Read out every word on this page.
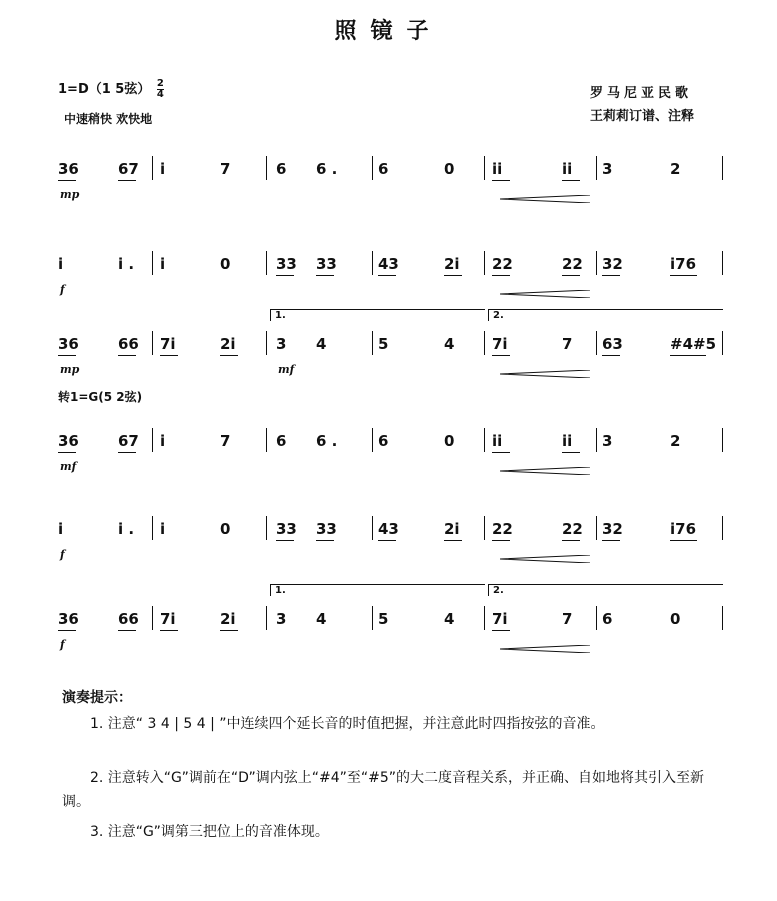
照镜子
1=D（1 5弦） $\frac{2}{4}$
中速稍快 欢快地
罗马尼亚民歌
王莉莉订谱、注释
转1=G(5 2弦)
36	67 i	7	6 6 .	6	0	ii	ii 3	2
mp
i	i . i	0	33 33	43	2i 22	22 32	i76
f
36	66 7i	2i	3 4	5	4	7i	7 63	#4#5
mp	mf
1.	2.
36	67 i	7	6 6 .	6	0	ii	ii 3	2
mf
i	i . i	0	33 33	43	2i 22	22 32	i76
f
36	66 7i	2i	3 4	5	4	7i	7 6	0
f
1.	2.
演奏提示：
1. 注意“ 3 4 | 5 4 | ”中连续四个延长音的时值把握，并注意此时四指按弦的音准。
2. 注意转入“G”调前在“D”调内弦上“#4”至“#5”的大二度音程关系，并正确、自如地将其引入至新调。
3. 注意“G”调第三把位上的音准体现。
